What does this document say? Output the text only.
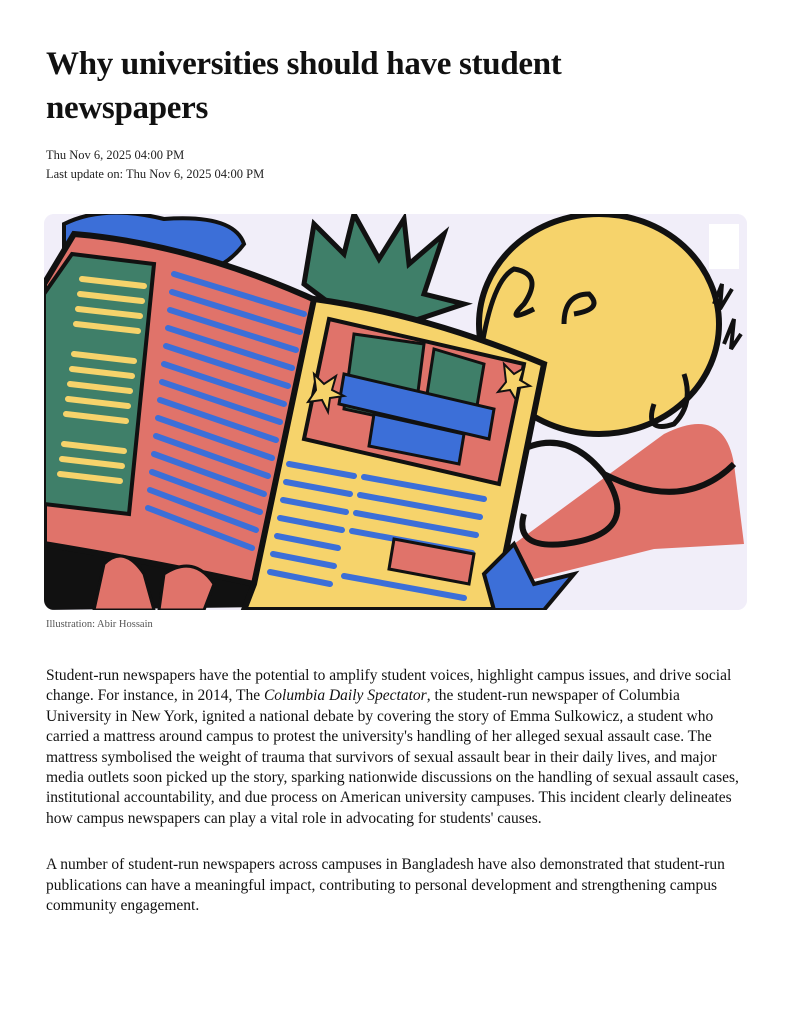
Why universities should have student newspapers
Thu Nov 6, 2025 04:00 PM
Last update on: Thu Nov 6, 2025 04:00 PM
Illustration: Abir Hossain

Student-run newspapers have the potential to amplify student voices, highlight campus issues, and drive social change. For instance, in 2014, The Columbia Daily Spectator, the student-run newspaper of Columbia University in New York, ignited a national debate by covering the story of Emma Sulkowicz, a student who carried a mattress around campus to protest the university's handling of her alleged sexual assault case. The mattress symbolised the weight of trauma that survivors of sexual assault bear in their daily lives, and major media outlets soon picked up the story, sparking nationwide discussions on the handling of sexual assault cases, institutional accountability, and due process on American university campuses. This incident clearly delineates how campus newspapers can play a vital role in advocating for students' causes.

A number of student-run newspapers across campuses in Bangladesh have also demonstrated that student-run publications can have a meaningful impact, contributing to personal development and strengthening campus community engagement.
